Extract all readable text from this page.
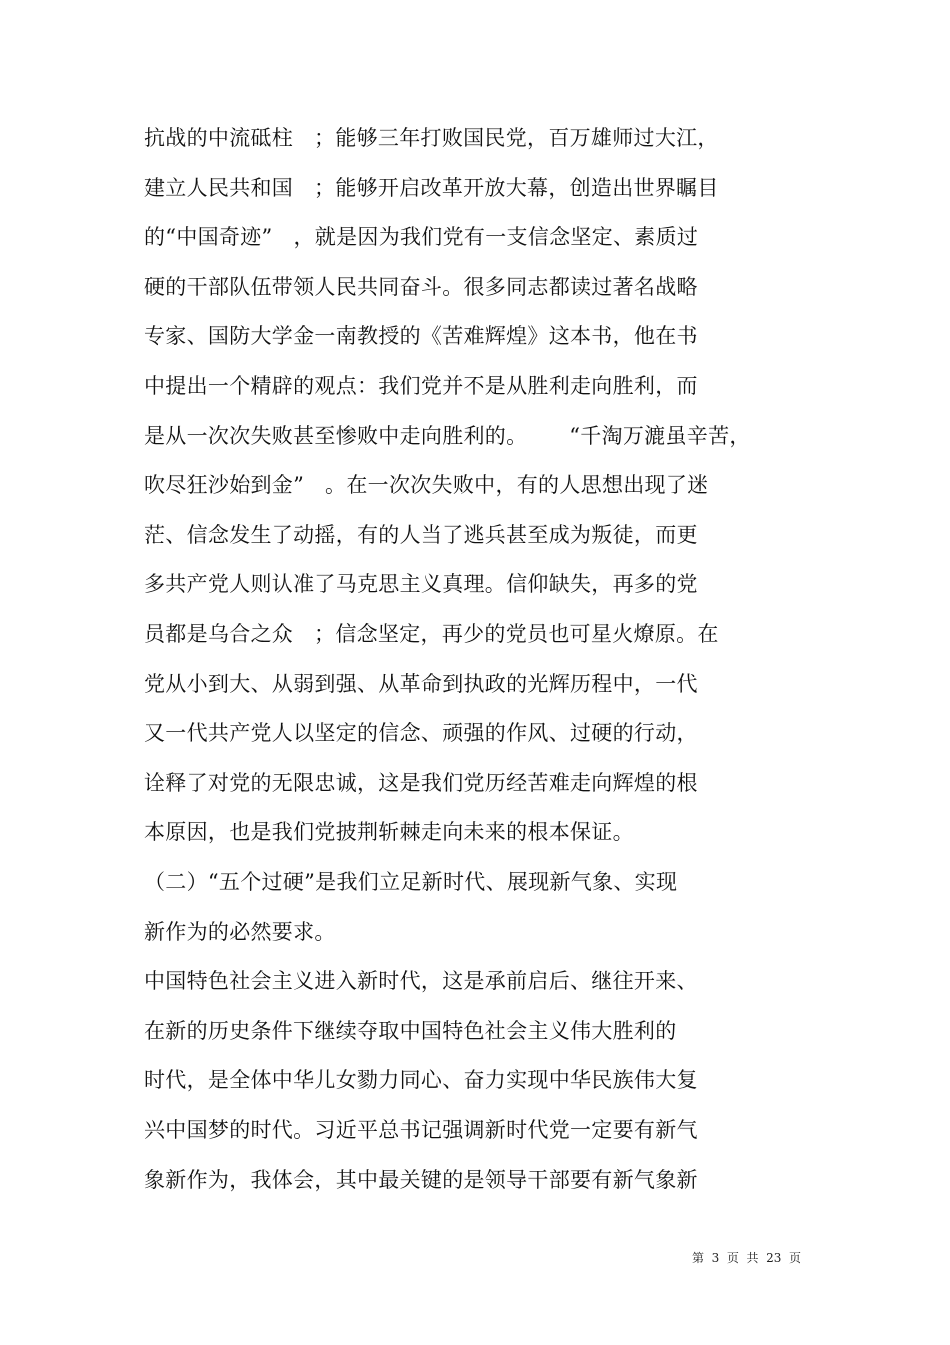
抗战的中流砥柱   ；能够三年打败国民党，百万雄师过大江，
建立人民共和国   ；能够开启改革开放大幕，创造出世界瞩目
的“中国奇迹”   ，就是因为我们党有一支信念坚定、素质过
硬的干部队伍带领人民共同奋斗。很多同志都读过著名战略
专家、国防大学金一南教授的《苦难辉煌》这本书，他在书
中提出一个精辟的观点：我们党并不是从胜利走向胜利，而
是从一次次失败甚至惨败中走向胜利的。      “千淘万漉虽辛苦，
吹尽狂沙始到金”   。在一次次失败中，有的人思想出现了迷
茫、信念发生了动摇，有的人当了逃兵甚至成为叛徒，而更
多共产党人则认准了马克思主义真理。信仰缺失，再多的党
员都是乌合之众   ；信念坚定，再少的党员也可星火燎原。在
党从小到大、从弱到强、从革命到执政的光辉历程中，一代
又一代共产党人以坚定的信念、顽强的作风、过硬的行动，
诠释了对党的无限忠诚，这是我们党历经苦难走向辉煌的根
本原因，也是我们党披荆斩棘走向未来的根本保证。
（二）“五个过硬”是我们立足新时代、展现新气象、实现
新作为的必然要求。
中国特色社会主义进入新时代，这是承前启后、继往开来、
在新的历史条件下继续夺取中国特色社会主义伟大胜利的
时代，是全体中华儿女勠力同心、奋力实现中华民族伟大复
兴中国梦的时代。习近平总书记强调新时代党一定要有新气
象新作为，我体会，其中最关键的是领导干部要有新气象新
第  3  页  共  23  页
